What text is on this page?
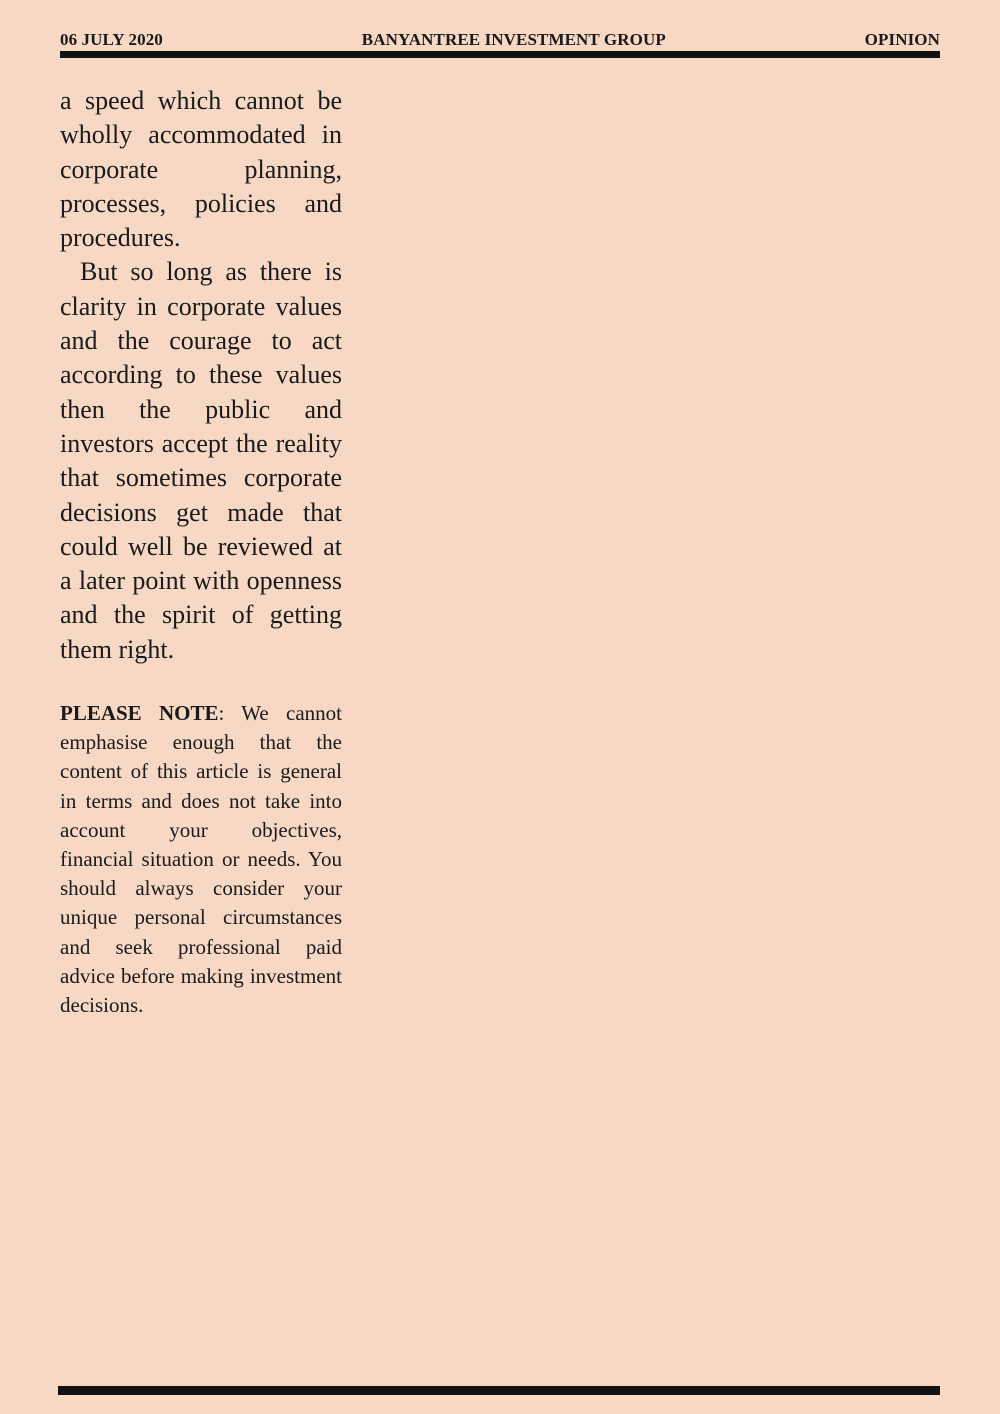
06 JULY 2020	BANYANTREE INVESTMENT GROUP	OPINION

a speed which cannot be wholly accommodated in corporate planning, processes, policies and procedures.

But so long as there is clarity in corporate values and the courage to act according to these values then the public and investors accept the reality that sometimes corporate decisions get made that could well be reviewed at a later point with openness and the spirit of getting them right.

PLEASE NOTE: We cannot emphasise enough that the content of this article is general in terms and does not take into account your objectives, financial situation or needs. You should always consider your unique personal circumstances and seek professional paid advice before making investment decisions.
